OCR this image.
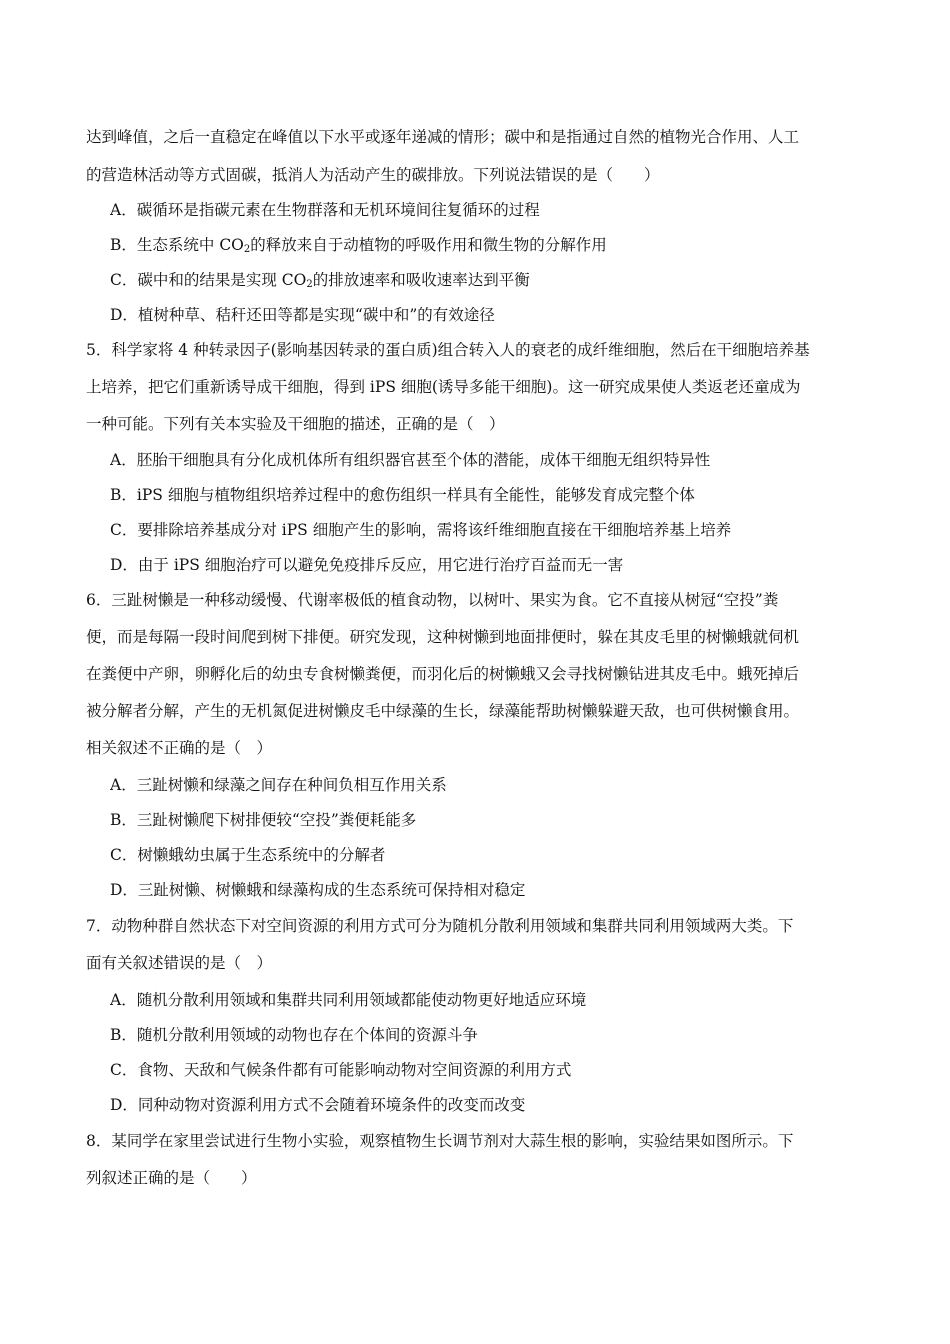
达到峰值，之后一直稳定在峰值以下水平或逐年递减的情形；碳中和是指通过自然的植物光合作用、人工
的营造林活动等方式固碳，抵消人为活动产生的碳排放。下列说法错误的是（　　）
A．碳循环是指碳元素在生物群落和无机环境间往复循环的过程
B．生态系统中 $CO_2$的释放来自于动植物的呼吸作用和微生物的分解作用
C．碳中和的结果是实现 $CO_2$的排放速率和吸收速率达到平衡
D．植树种草、秸秆还田等都是实现“碳中和”的有效途径
5．科学家将 4 种转录因子(影响基因转录的蛋白质)组合转入人的衰老的成纤维细胞，然后在干细胞培养基
上培养，把它们重新诱导成干细胞，得到 iPS 细胞(诱导多能干细胞)。这一研究成果使人类返老还童成为
一种可能。下列有关本实验及干细胞的描述，正确的是（　）
A．胚胎干细胞具有分化成机体所有组织器官甚至个体的潜能，成体干细胞无组织特异性
B．iPS 细胞与植物组织培养过程中的愈伤组织一样具有全能性，能够发育成完整个体
C．要排除培养基成分对 iPS 细胞产生的影响，需将该纤维细胞直接在干细胞培养基上培养
D．由于 iPS 细胞治疗可以避免免疫排斥反应，用它进行治疗百益而无一害
6．三趾树懒是一种移动缓慢、代谢率极低的植食动物，以树叶、果实为食。它不直接从树冠“空投”粪
便，而是每隔一段时间爬到树下排便。研究发现，这种树懒到地面排便时，躲在其皮毛里的树懒蛾就伺机
在粪便中产卵，卵孵化后的幼虫专食树懒粪便，而羽化后的树懒蛾又会寻找树懒钻进其皮毛中。蛾死掉后
被分解者分解，产生的无机氮促进树懒皮毛中绿藻的生长，绿藻能帮助树懒躲避天敌，也可供树懒食用。
相关叙述不正确的是（　）
A．三趾树懒和绿藻之间存在种间负相互作用关系
B．三趾树懒爬下树排便较“空投”粪便耗能多
C．树懒蛾幼虫属于生态系统中的分解者
D．三趾树懒、树懒蛾和绿藻构成的生态系统可保持相对稳定
7．动物种群自然状态下对空间资源的利用方式可分为随机分散利用领域和集群共同利用领域两大类。下
面有关叙述错误的是（　）
A．随机分散利用领域和集群共同利用领域都能使动物更好地适应环境
B．随机分散利用领域的动物也存在个体间的资源斗争
C．食物、天敌和气候条件都有可能影响动物对空间资源的利用方式
D．同种动物对资源利用方式不会随着环境条件的改变而改变
8．某同学在家里尝试进行生物小实验，观察植物生长调节剂对大蒜生根的影响，实验结果如图所示。下
列叙述正确的是（　　）
